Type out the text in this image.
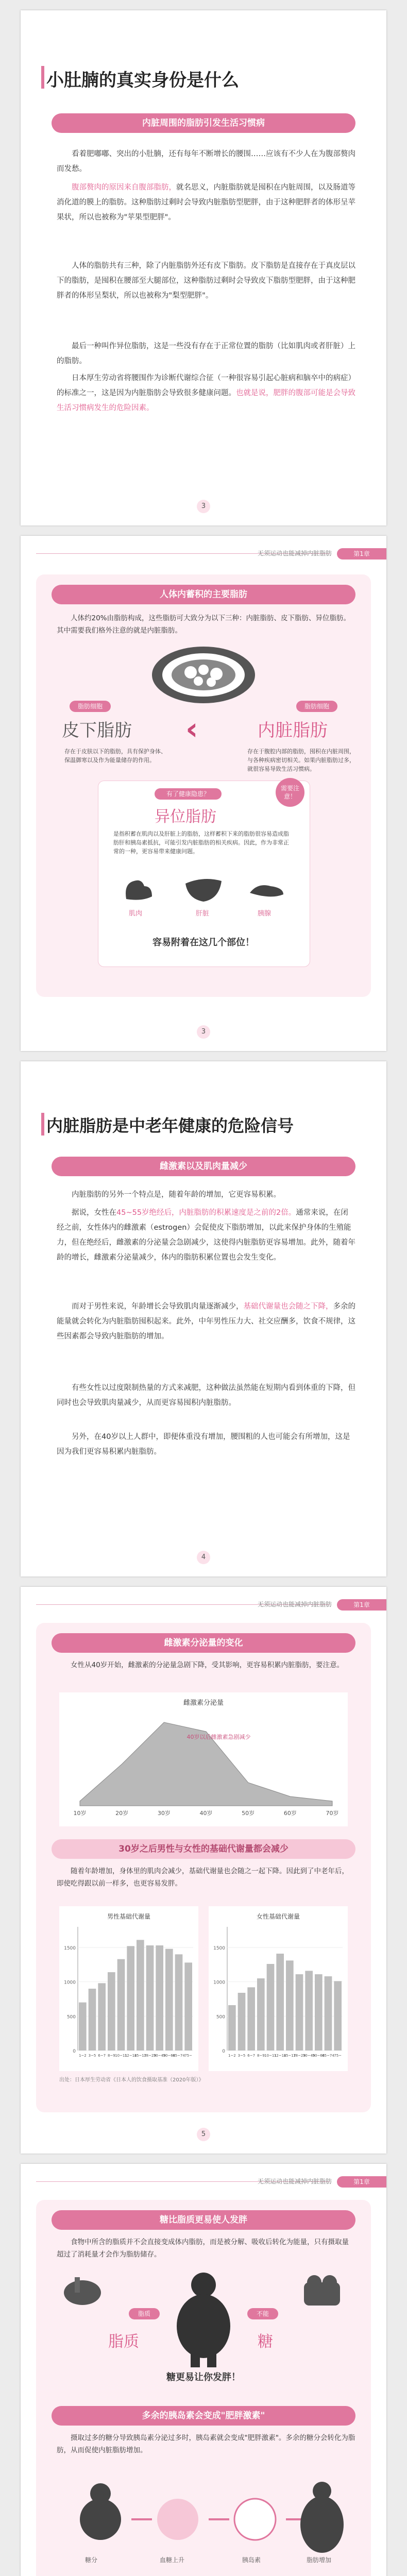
小肚腩的真实身份是什么
内脏周围的脂肪引发生活习惯病
看着肥嘟嘟、突出的小肚腩，还有每年不断增长的腰围……应该有不少人在为腹部赘肉而发愁。
腹部赘肉的原因来自腹部脂肪，就名思义，内脏脂肪就是囤积在内脏周围，以及肠道等消化道的膜上的脂肪。这种脂肪过剩时会导致内脏脂肪型肥胖，由于这种肥胖者的体形呈苹果状，所以也被称为"苹果型肥胖"。
人体的脂肪共有三种，除了内脏脂肪外还有皮下脂肪。皮下脂肪是直接存在于真皮层以下的脂肪，是囤积在腰部至大腿部位，这种脂肪过剩时会导致皮下脂肪型肥胖，由于这种肥胖者的体形呈梨状，所以也被称为"梨型肥胖"。
最后一种叫作异位脂肪，这是一些没有存在于正常位置的脂肪（比如肌肉或者肝脏）上的脂肪。
日本厚生劳动省将腰围作为诊断代谢综合征（一种很容易引起心脏病和脑卒中的病症）的标准之一，这是因为内脏脂肪会导致很多健康问题。也就是说，肥胖的腹部可能是会导致生活习惯病发生的危险因素。
3
无须运动也能减掉内脏脂肪	第1章
人体内蓄积的主要脂肪
人体约20%由脂肪构成，这些脂肪可大致分为以下三种：内脏脂肪、皮下脂肪、异位脂肪。其中需要我们格外注意的就是内脏脂肪。
脂肪细胞	脂肪细胞
皮下脂肪 ‹	内脏脂肪
存在于皮肤以下的脂肪，具有保护身体、保温御寒以及作为能量储存的作用。
存在于腹腔内部的脂肪，囤积在内脏周围，与各种疾病密切相关。如果内脏脂肪过多，就很容易导致生活习惯病。
有了健康隐患？
需要注意！
异位脂肪
是指积蓄在肌肉以及肝脏上的脂肪，这样蓄积下来的脂肪很容易造成脂肪肝和胰岛素抵抗，可能引发内脏脂肪的相关疾病。因此，作为非常正常的一种，更容易带来健康问题。
肌肉	肝脏	胰腺
容易附着在这几个部位！
3
内脏脂肪是中老年健康的危险信号
雌激素以及肌肉量减少
内脏脂肪的另外一个特点是，随着年龄的增加，它更容易积累。
据说，女性在45~55岁绝经后，内脏脂肪的积累速度是之前的2倍。通常来说，在闭经之前，女性体内的雌激素（estrogen）会促使皮下脂肪增加，以此来保护身体的生殖能力，但在绝经后，雌激素的分泌量会急剧减少，这使得内脏脂肪更容易增加。此外，随着年龄的增长，雌激素分泌量减少，体内的脂肪积累位置也会发生变化。
而对于男性来说，年龄增长会导致肌肉量逐渐减少，基础代谢量也会随之下降，多余的能量就会转化为内脏脂肪囤积起来。此外，中年男性压力大、社交应酬多，饮食不规律，这些因素都会导致内脏脂肪的增加。
有些女性以过度限制热量的方式来减肥，这种做法虽然能在短期内看到体重的下降，但同时也会导致肌肉量减少，从而更容易囤积内脏脂肪。
另外，在40岁以上人群中，即便体重没有增加，腰围粗的人也可能会有所增加，这是因为我们更容易积累内脏脂肪。
4
无须运动也能减掉内脏脂肪	第1章
雌激素分泌量的变化
女性从40岁开始，雌激素的分泌量急剧下降，受其影响，更容易积累内脏脂肪，要注意。
雌激素分泌量
10岁	20岁	30岁	40岁	50岁	60岁	70岁
40岁以后雌激素急剧减少
30岁之后男性与女性的基础代谢量都会减少
随着年龄增加，身体里的肌肉会减少，基础代谢量也会随之一起下降。因此到了中老年后，即使吃得跟以前一样多，也更容易发胖。
男性基础代谢量
0
500
1000
1500
1~2 3~5 6~7 8~9 10~11
12~14
15~17
18~29
30~49
50~64
65~74 75~
女性基础代谢量
0
500
1000
1500
1~2 3~5 6~7 8~9 10~11
12~14
15~17
18~29
30~49
50~64
65~74 75~
出处：日本厚生劳动省《日本人的饮食摄取基准（2020年版）》
5
无须运动也能减掉内脏脂肪	第1章
糖比脂质更易使人发胖
食物中所含的脂质并不会直接变成体内脂肪，而是被分解、吸收后转化为能量，只有摄取量超过了消耗量才会作为脂肪储存。
脂质	不能
脂质	糖
糖更易让你发胖！
多余的胰岛素会变成"肥胖激素"
摄取过多的糖分导致胰岛素分泌过多时，胰岛素就会变成"肥胖激素"。多余的糖分会转化为脂肪，从而促使内脏脂肪增加。
糖分	血糖上升	胰岛素	脂肪增加
